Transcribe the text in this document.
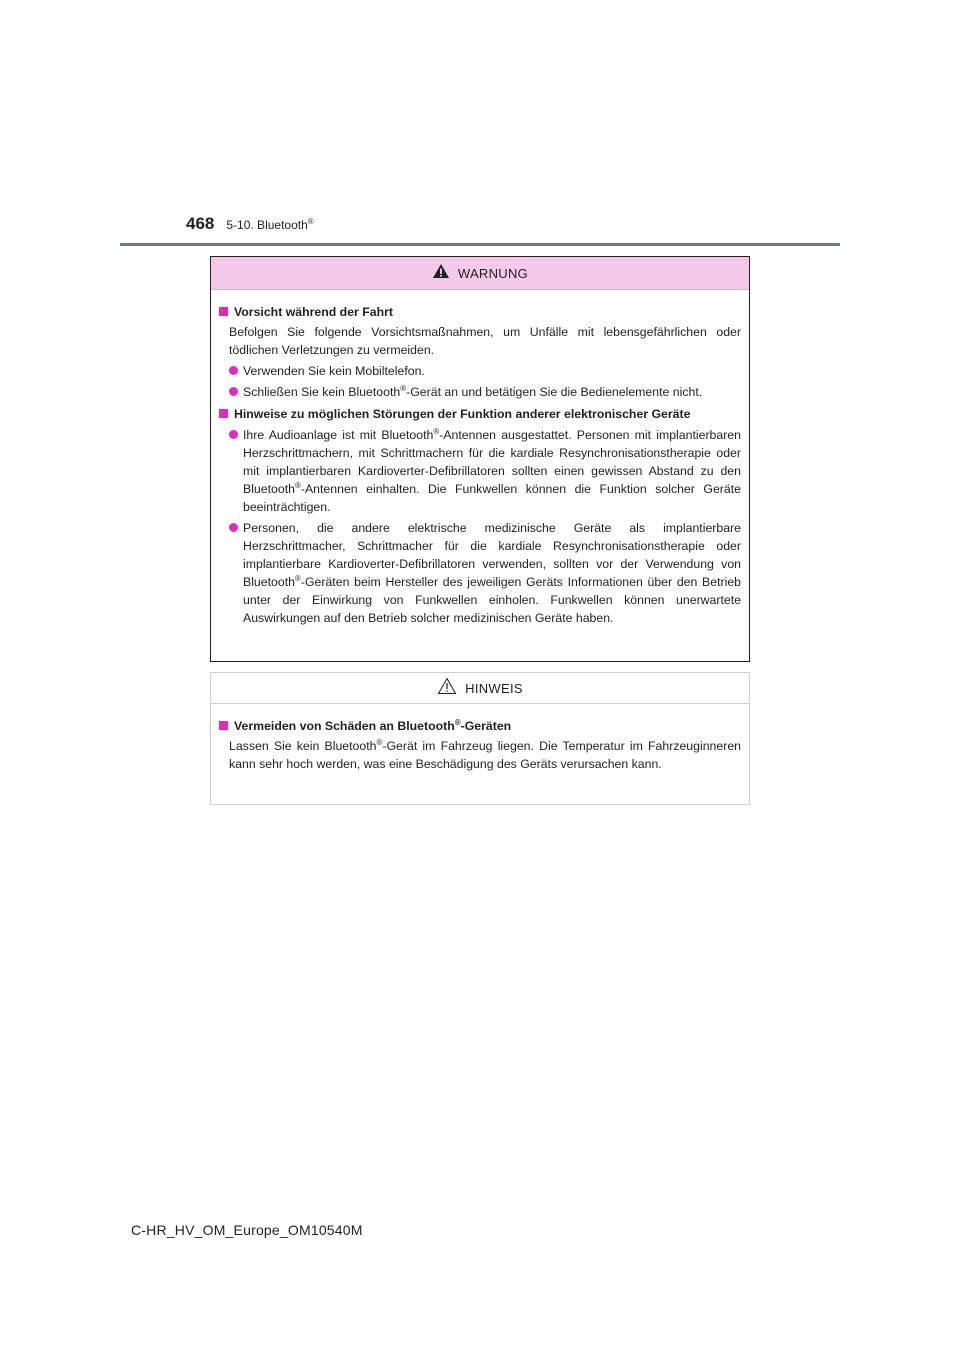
468 5-10. Bluetooth®
WARNUNG
Vorsicht während der Fahrt
Befolgen Sie folgende Vorsichtsmaßnahmen, um Unfälle mit lebensgefährlichen oder tödlichen Verletzungen zu vermeiden.
Verwenden Sie kein Mobiltelefon.
Schließen Sie kein Bluetooth®-Gerät an und betätigen Sie die Bedienelemente nicht.
Hinweise zu möglichen Störungen der Funktion anderer elektronischer Geräte
Ihre Audioanlage ist mit Bluetooth®-Antennen ausgestattet. Personen mit implantierbaren Herzschrittmachern, mit Schrittmachern für die kardiale Resynchronisationstherapie oder mit implantierbaren Kardioverter-Defibrillatoren sollten einen gewissen Abstand zu den Bluetooth®-Antennen einhalten. Die Funkwellen können die Funktion solcher Geräte beeinträchtigen.
Personen, die andere elektrische medizinische Geräte als implantierbare Herzschrittmacher, Schrittmacher für die kardiale Resynchronisationstherapie oder implantierbare Kardioverter-Defibrillatoren verwenden, sollten vor der Verwendung von Bluetooth®-Geräten beim Hersteller des jeweiligen Geräts Informationen über den Betrieb unter der Einwirkung von Funkwellen einholen. Funkwellen können unerwartete Auswirkungen auf den Betrieb solcher medizinischen Geräte haben.
HINWEIS
Vermeiden von Schäden an Bluetooth®-Geräten
Lassen Sie kein Bluetooth®-Gerät im Fahrzeug liegen. Die Temperatur im Fahrzeuginneren kann sehr hoch werden, was eine Beschädigung des Geräts verursachen kann.
C-HR_HV_OM_Europe_OM10540M
